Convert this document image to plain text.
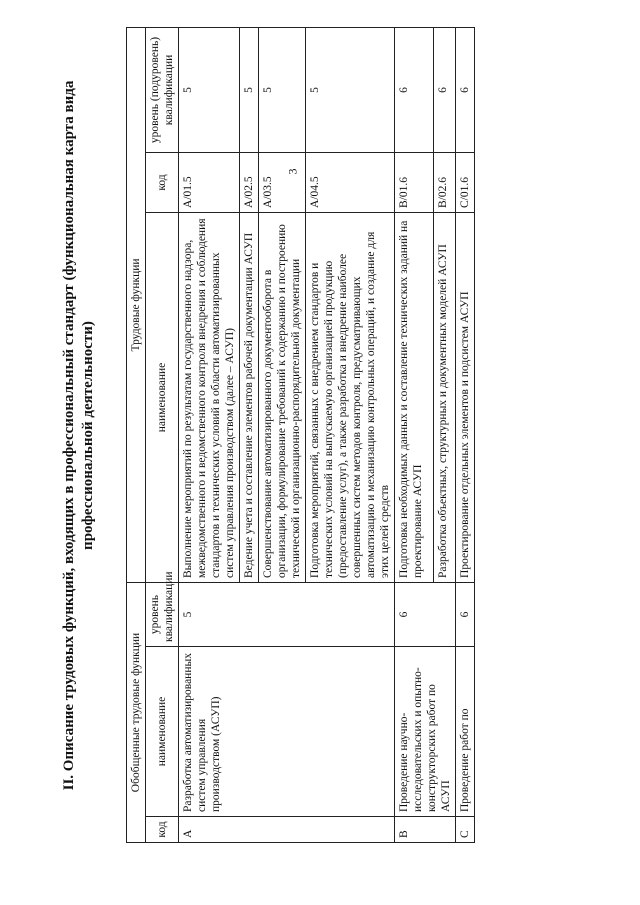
3
II. Описание трудовых функций, входящих в профессиональный стандарт (функциональная карта вида профессиональной деятельности)
Обобщенные трудовые функции			Трудовые функции		
код	наименование	уровень квалификации	наименование	код	уровень (подуровень) квалификации
A	Разработка автоматизированных систем управления производством (АСУП)	5	Выполнение мероприятий по результатам государственного надзора, межведомственного и ведомственного контроля внедрения и соблюдения стандартов и технических условий в области автоматизированных систем управления производством (далее – АСУП)	A/01.5	5
			Ведение учета и составление элементов рабочей документации АСУП	A/02.5	5
			Совершенствование автоматизированного документооборота в организации, формулирование требований к содержанию и построению технической и организационно-распорядительной документации	A/03.5	5
			Подготовка мероприятий, связанных с внедрением стандартов и технических условий на выпускаемую организацией продукцию (предоставление услуг), а также разработка и внедрение наиболее совершенных систем методов контроля, предусматривающих автоматизацию и механизацию контрольных операций, и создание для этих целей средств	A/04.5	5
B	Проведение научно-исследовательских и опытно-конструкторских работ по АСУП	6	Подготовка необходимых данных и составление технических заданий на проектирование АСУП	B/01.6	6
			Разработка объектных, структурных и документных моделей АСУП	B/02.6	6
C	Проведение работ по	6	Проектирование отдельных элементов и подсистем АСУП	C/01.6	6
